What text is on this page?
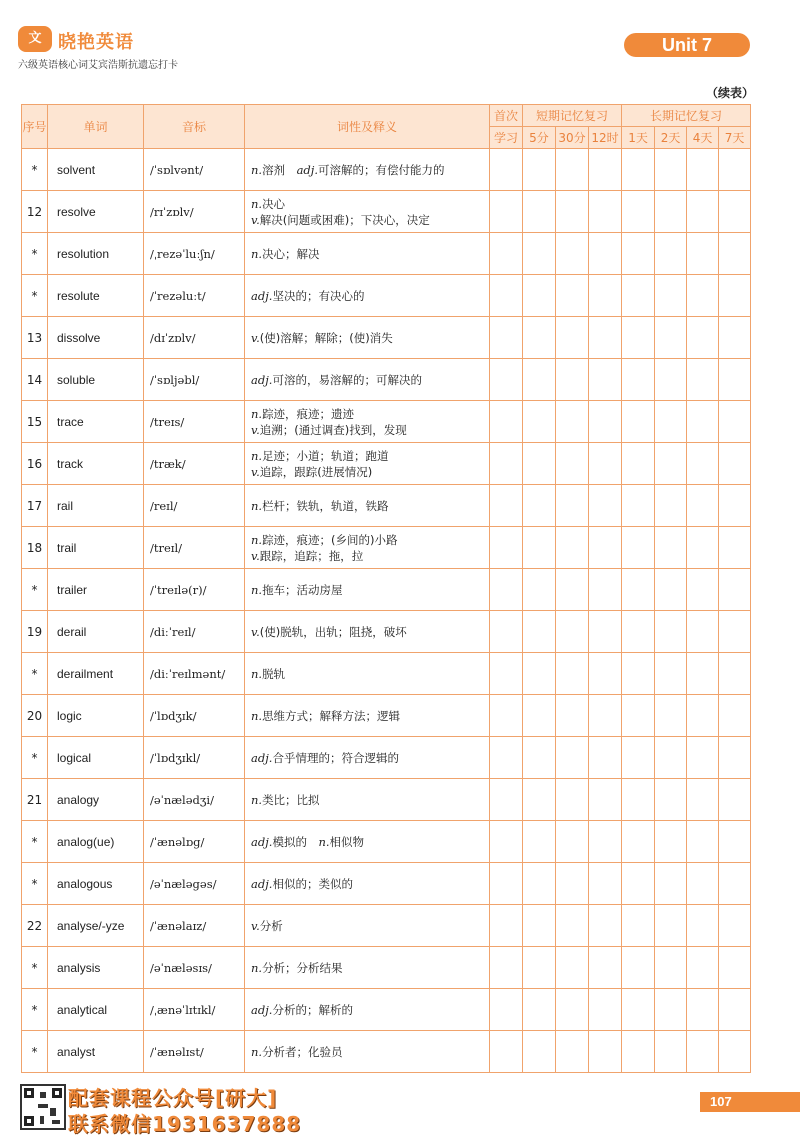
文 晓艳英语
六级英语核心词艾宾浩斯抗遗忘打卡
Unit 7
（续表）
序号	单词	音标	词性及释义	首次	短期记忆复习			长期记忆复习			
				学习	5分	30分	12时	1天	2天	4天	7天
*	solvent	/ˈsɒlvənt/	n.溶剂　adj.可溶解的；有偿付能力的								
12	resolve	/rɪˈzɒlv/	n.决心
v.解决(问题或困难)；下决心，决定								

*	resolution	/ˌrezəˈluːʃn/	n.决心；解决								
*	resolute	/ˈrezəluːt/	adj.坚决的；有决心的								
13	dissolve	/dɪˈzɒlv/	v.(使)溶解；解除；(使)消失								
14	soluble	/ˈsɒljəbl/	adj.可溶的，易溶解的；可解决的								
15	trace	/treɪs/	n.踪迹，痕迹；遗迹
v.追溯；(通过调查)找到，发现								

16	track	/træk/	n.足迹；小道；轨道；跑道
v.追踪，跟踪(进展情况)								

17	rail	/reɪl/	n.栏杆；铁轨，轨道，铁路								
18	trail	/treɪl/	n.踪迹，痕迹；(乡间的)小路
v.跟踪，追踪；拖，拉								

*	trailer	/ˈtreɪlə(r)/	n.拖车；活动房屋								
19	derail	/diːˈreɪl/	v.(使)脱轨，出轨；阻挠，破坏								
*	derailment	/diːˈreɪlmənt/	n.脱轨								
20	logic	/ˈlɒdʒɪk/	n.思维方式；解释方法；逻辑								
*	logical	/ˈlɒdʒɪkl/	adj.合乎情理的；符合逻辑的								
21	analogy	/əˈnælədʒi/	n.类比；比拟								
*	analog(ue)	/ˈænəlɒg/	adj.模拟的　n.相似物								
*	analogous	/əˈnæləgəs/	adj.相似的；类似的								
22	analyse/-yze	/ˈænəlaɪz/	v.分析								
*	analysis	/əˈnæləsɪs/	n.分析；分析结果								
*	analytical	/ˌænəˈlɪtɪkl/	adj.分析的；解析的								
*	analyst	/ˈænəlɪst/	n.分析者；化验员								
配套课程公众号[研大]
联系微信1931637888
107
